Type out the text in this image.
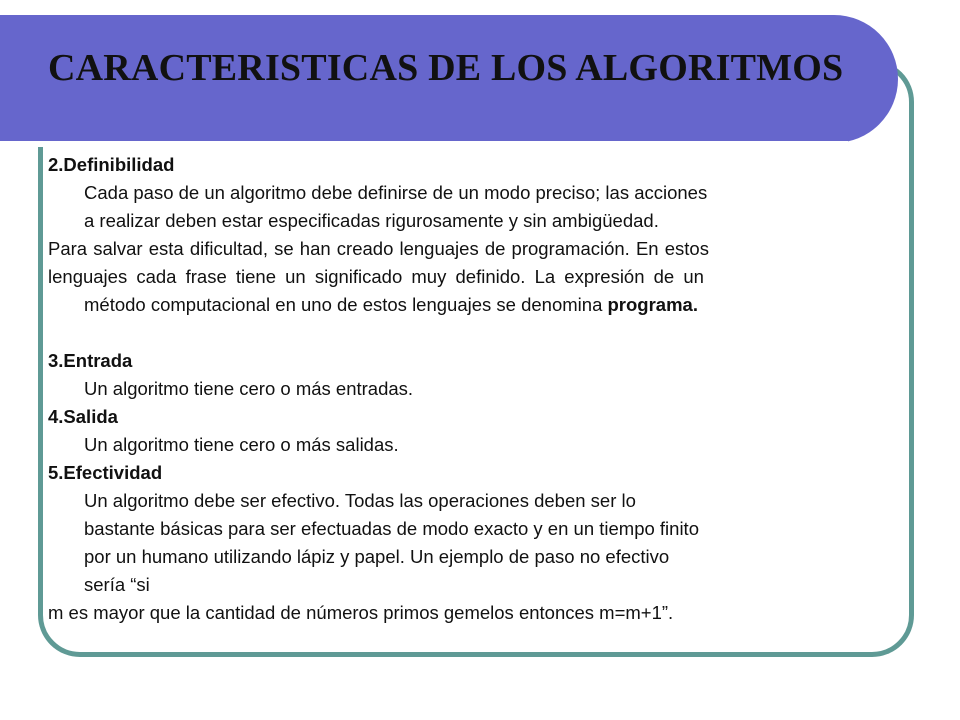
CARACTERISTICAS DE LOS ALGORITMOS
2.Definibilidad
Cada paso de un algoritmo debe definirse de un modo preciso; las acciones
a realizar deben estar especificadas rigurosamente y sin ambigüedad.
Para salvar esta dificultad, se han creado lenguajes de programación. En estos
lenguajes cada frase tiene un significado muy definido. La expresión de un
método computacional en uno de estos lenguajes se denomina programa.
3.Entrada
Un algoritmo tiene cero o más entradas.
4.Salida
Un algoritmo tiene cero o más salidas.
5.Efectividad
Un algoritmo debe ser efectivo. Todas las operaciones deben ser lo
bastante básicas para ser efectuadas de modo exacto y en un tiempo finito
por un humano utilizando lápiz y papel. Un ejemplo de paso no efectivo
sería “si
m es mayor que la cantidad de números primos gemelos entonces m=m+1”.
